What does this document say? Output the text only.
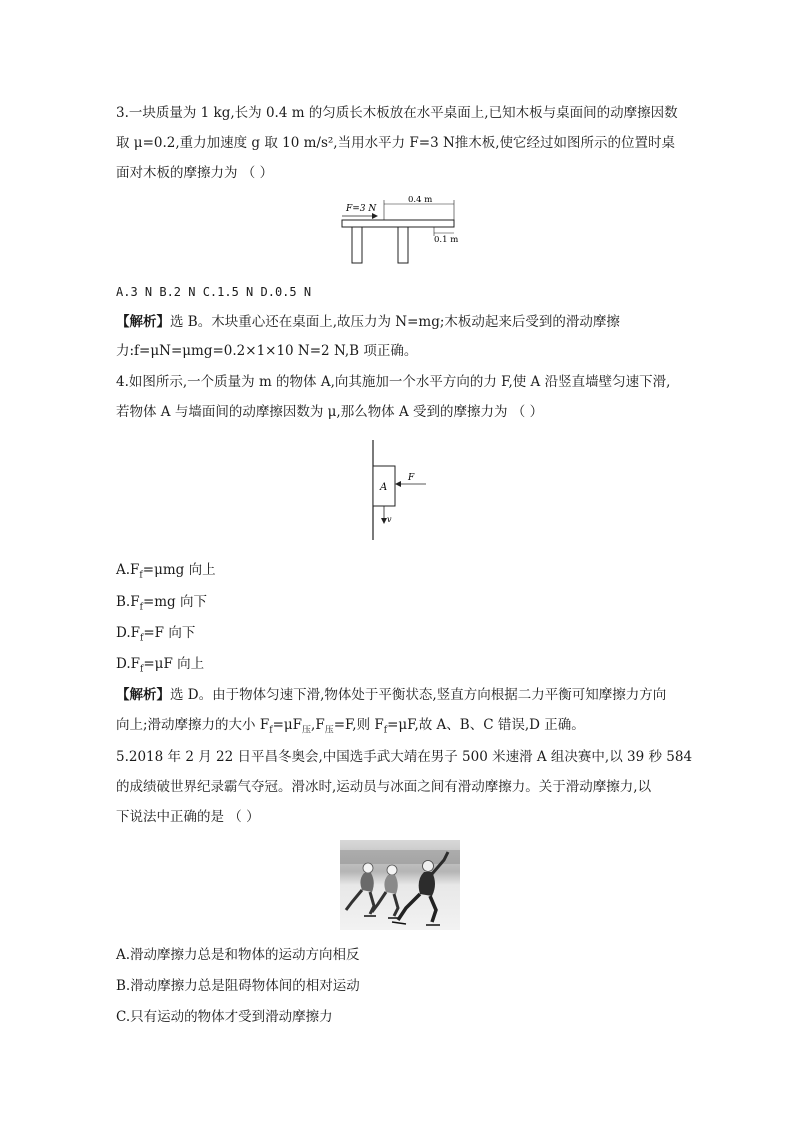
3.一块质量为 1 kg,长为 0.4 m 的匀质长木板放在水平桌面上,已知木板与桌面间的动摩擦因数
取 μ=0.2,重力加速度 g 取 10 m/s²,当用水平力 F=3 N推木板,使它经过如图所示的位置时桌
面对木板的摩擦力为 （ ）
F=3 N
0.4 m
0.1 m
A.3 N B.2 N C.1.5 N D.0.5 N
【解析】选 B。木块重心还在桌面上,故压力为 N=mg;木板动起来后受到的滑动摩擦
力:f=μN=μmg=0.2×1×10 N=2 N,B 项正确。
4.如图所示,一个质量为 m 的物体 A,向其施加一个水平方向的力 F,使 A 沿竖直墙壁匀速下滑,
若物体 A 与墙面间的动摩擦因数为 μ,那么物体 A 受到的摩擦力为 （ ）
A
F
v
$A.F_f=\mu mg$ 向上
$B.F_f=mg$ 向下
$D.F_f=F$ 向下
$D.F_f=\mu F$ 向上
【解析】选 D。由于物体匀速下滑,物体处于平衡状态,竖直方向根据二力平衡可知摩擦力方向
向上;滑动摩擦力的大小 $F_f=\mu F_压,F_压=F$,则 $F_f=\mu F$,故 A、B、C 错误,D 正确。
5.2018 年 2 月 22 日平昌冬奥会,中国选手武大靖在男子 500 米速滑 A 组决赛中,以 39 秒 584
的成绩破世界纪录霸气夺冠。滑冰时,运动员与冰面之间有滑动摩擦力。关于滑动摩擦力,以
下说法中正确的是 （ ）
A.滑动摩擦力总是和物体的运动方向相反
B.滑动摩擦力总是阻碍物体间的相对运动
C.只有运动的物体才受到滑动摩擦力
